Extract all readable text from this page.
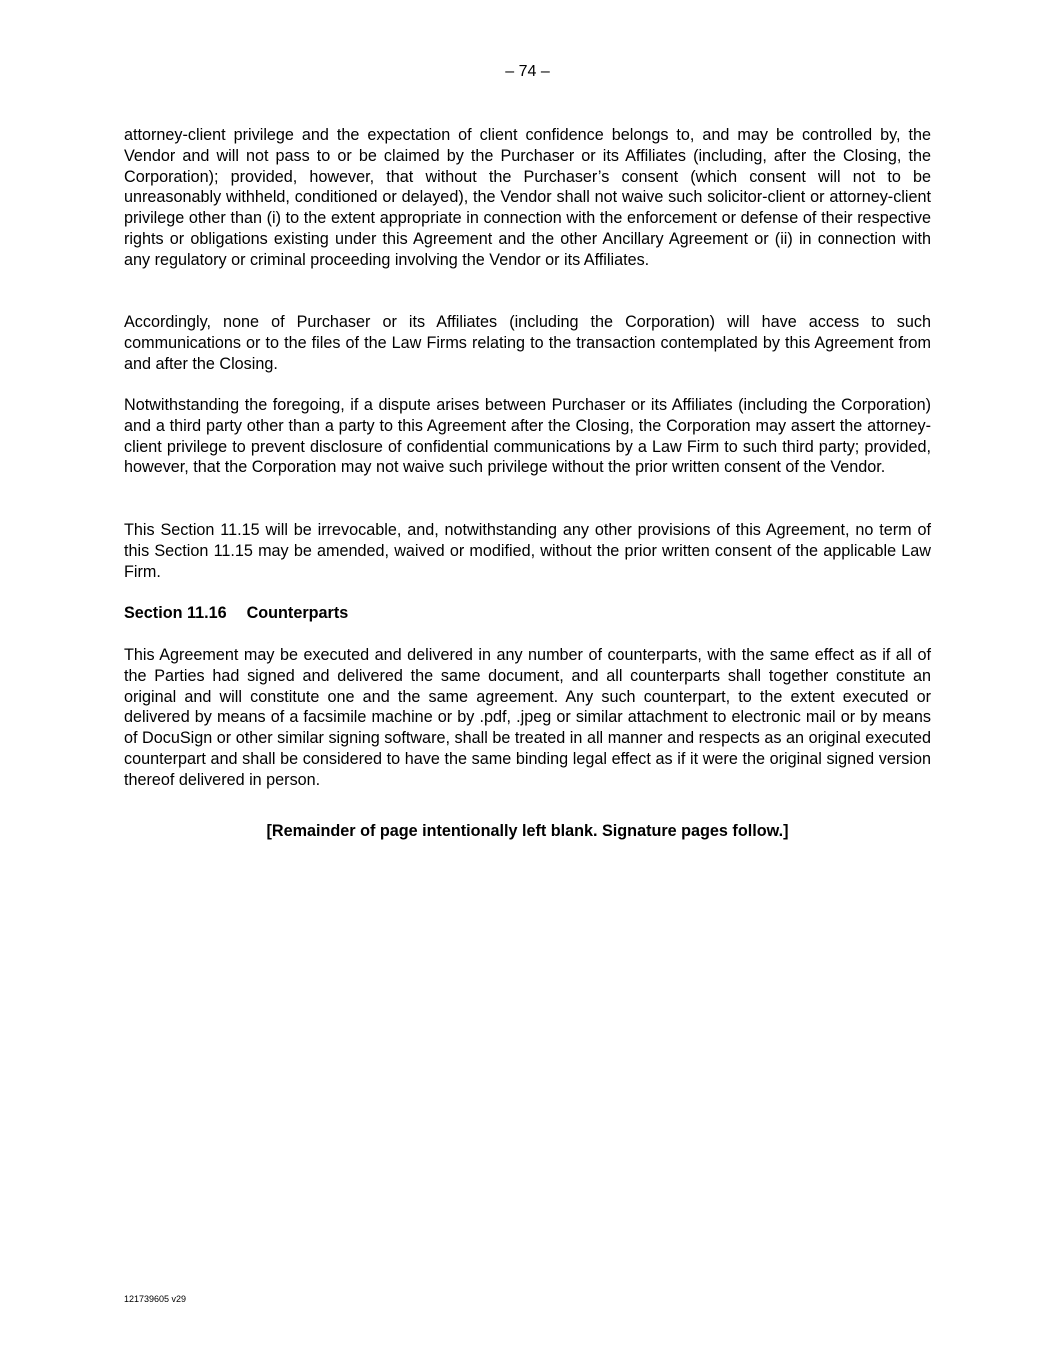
– 74 –

attorney-client privilege and the expectation of client confidence belongs to, and may be controlled by, the Vendor and will not pass to or be claimed by the Purchaser or its Affiliates (including, after the Closing, the Corporation); provided, however, that without the Purchaser’s consent (which consent will not to be unreasonably withheld, conditioned or delayed), the Vendor shall not waive such solicitor-client or attorney-client privilege other than (i) to the extent appropriate in connection with the enforcement or defense of their respective rights or obligations existing under this Agreement and the other Ancillary Agreement or (ii) in connection with any regulatory or criminal proceeding involving the Vendor or its Affiliates.

Accordingly, none of Purchaser or its Affiliates (including the Corporation) will have access to such communications or to the files of the Law Firms relating to the transaction contemplated by this Agreement from and after the Closing.

Notwithstanding the foregoing, if a dispute arises between Purchaser or its Affiliates (including the Corporation) and a third party other than a party to this Agreement after the Closing, the Corporation may assert the attorney-client privilege to prevent disclosure of confidential communications by a Law Firm to such third party; provided, however, that the Corporation may not waive such privilege without the prior written consent of the Vendor.

This Section 11.15 will be irrevocable, and, notwithstanding any other provisions of this Agreement, no term of this Section 11.15 may be amended, waived or modified, without the prior written consent of the applicable Law Firm.

Section 11.16 Counterparts

This Agreement may be executed and delivered in any number of counterparts, with the same effect as if all of the Parties had signed and delivered the same document, and all counterparts shall together constitute an original and will constitute one and the same agreement. Any such counterpart, to the extent executed or delivered by means of a facsimile machine or by .pdf, .jpeg or similar attachment to electronic mail or by means of DocuSign or other similar signing software, shall be treated in all manner and respects as an original executed counterpart and shall be considered to have the same binding legal effect as if it were the original signed version thereof delivered in person.

[Remainder of page intentionally left blank. Signature pages follow.]

121739605 v29
